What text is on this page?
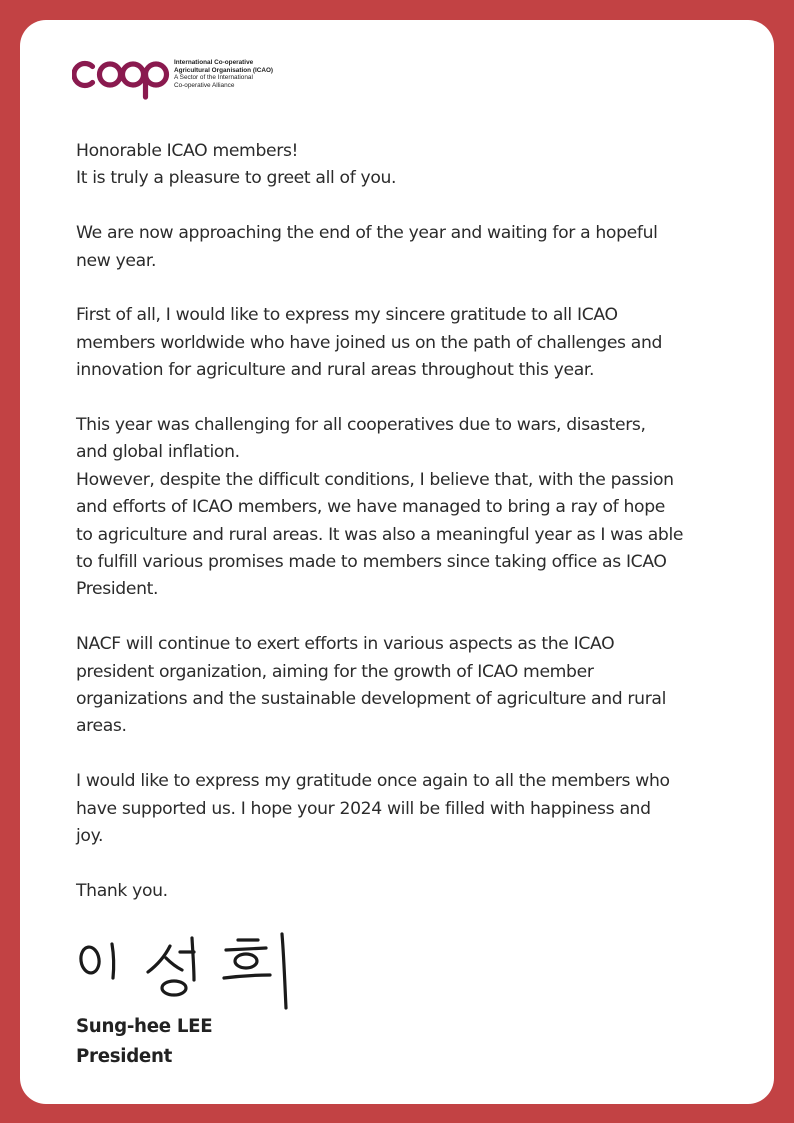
International Co-operative
Agricultural Organisation (ICAO)
A Sector of the International
Co-operative Alliance

Honorable ICAO members!
It is truly a pleasure to greet all of you.

We are now approaching the end of the year and waiting for a hopeful
new year.

First of all, I would like to express my sincere gratitude to all ICAO
members worldwide who have joined us on the path of challenges and
innovation for agriculture and rural areas throughout this year.

This year was challenging for all cooperatives due to wars, disasters,
and global inflation.
However, despite the difficult conditions, I believe that, with the passion
and efforts of ICAO members, we have managed to bring a ray of hope
to agriculture and rural areas. It was also a meaningful year as I was able
to fulfill various promises made to members since taking office as ICAO
President.

NACF will continue to exert efforts in various aspects as the ICAO
president organization, aiming for the growth of ICAO member
organizations and the sustainable development of agriculture and rural
areas.

I would like to express my gratitude once again to all the members who
have supported us. I hope your 2024 will be filled with happiness and
joy.

Thank you.

Sung-hee LEE
President
